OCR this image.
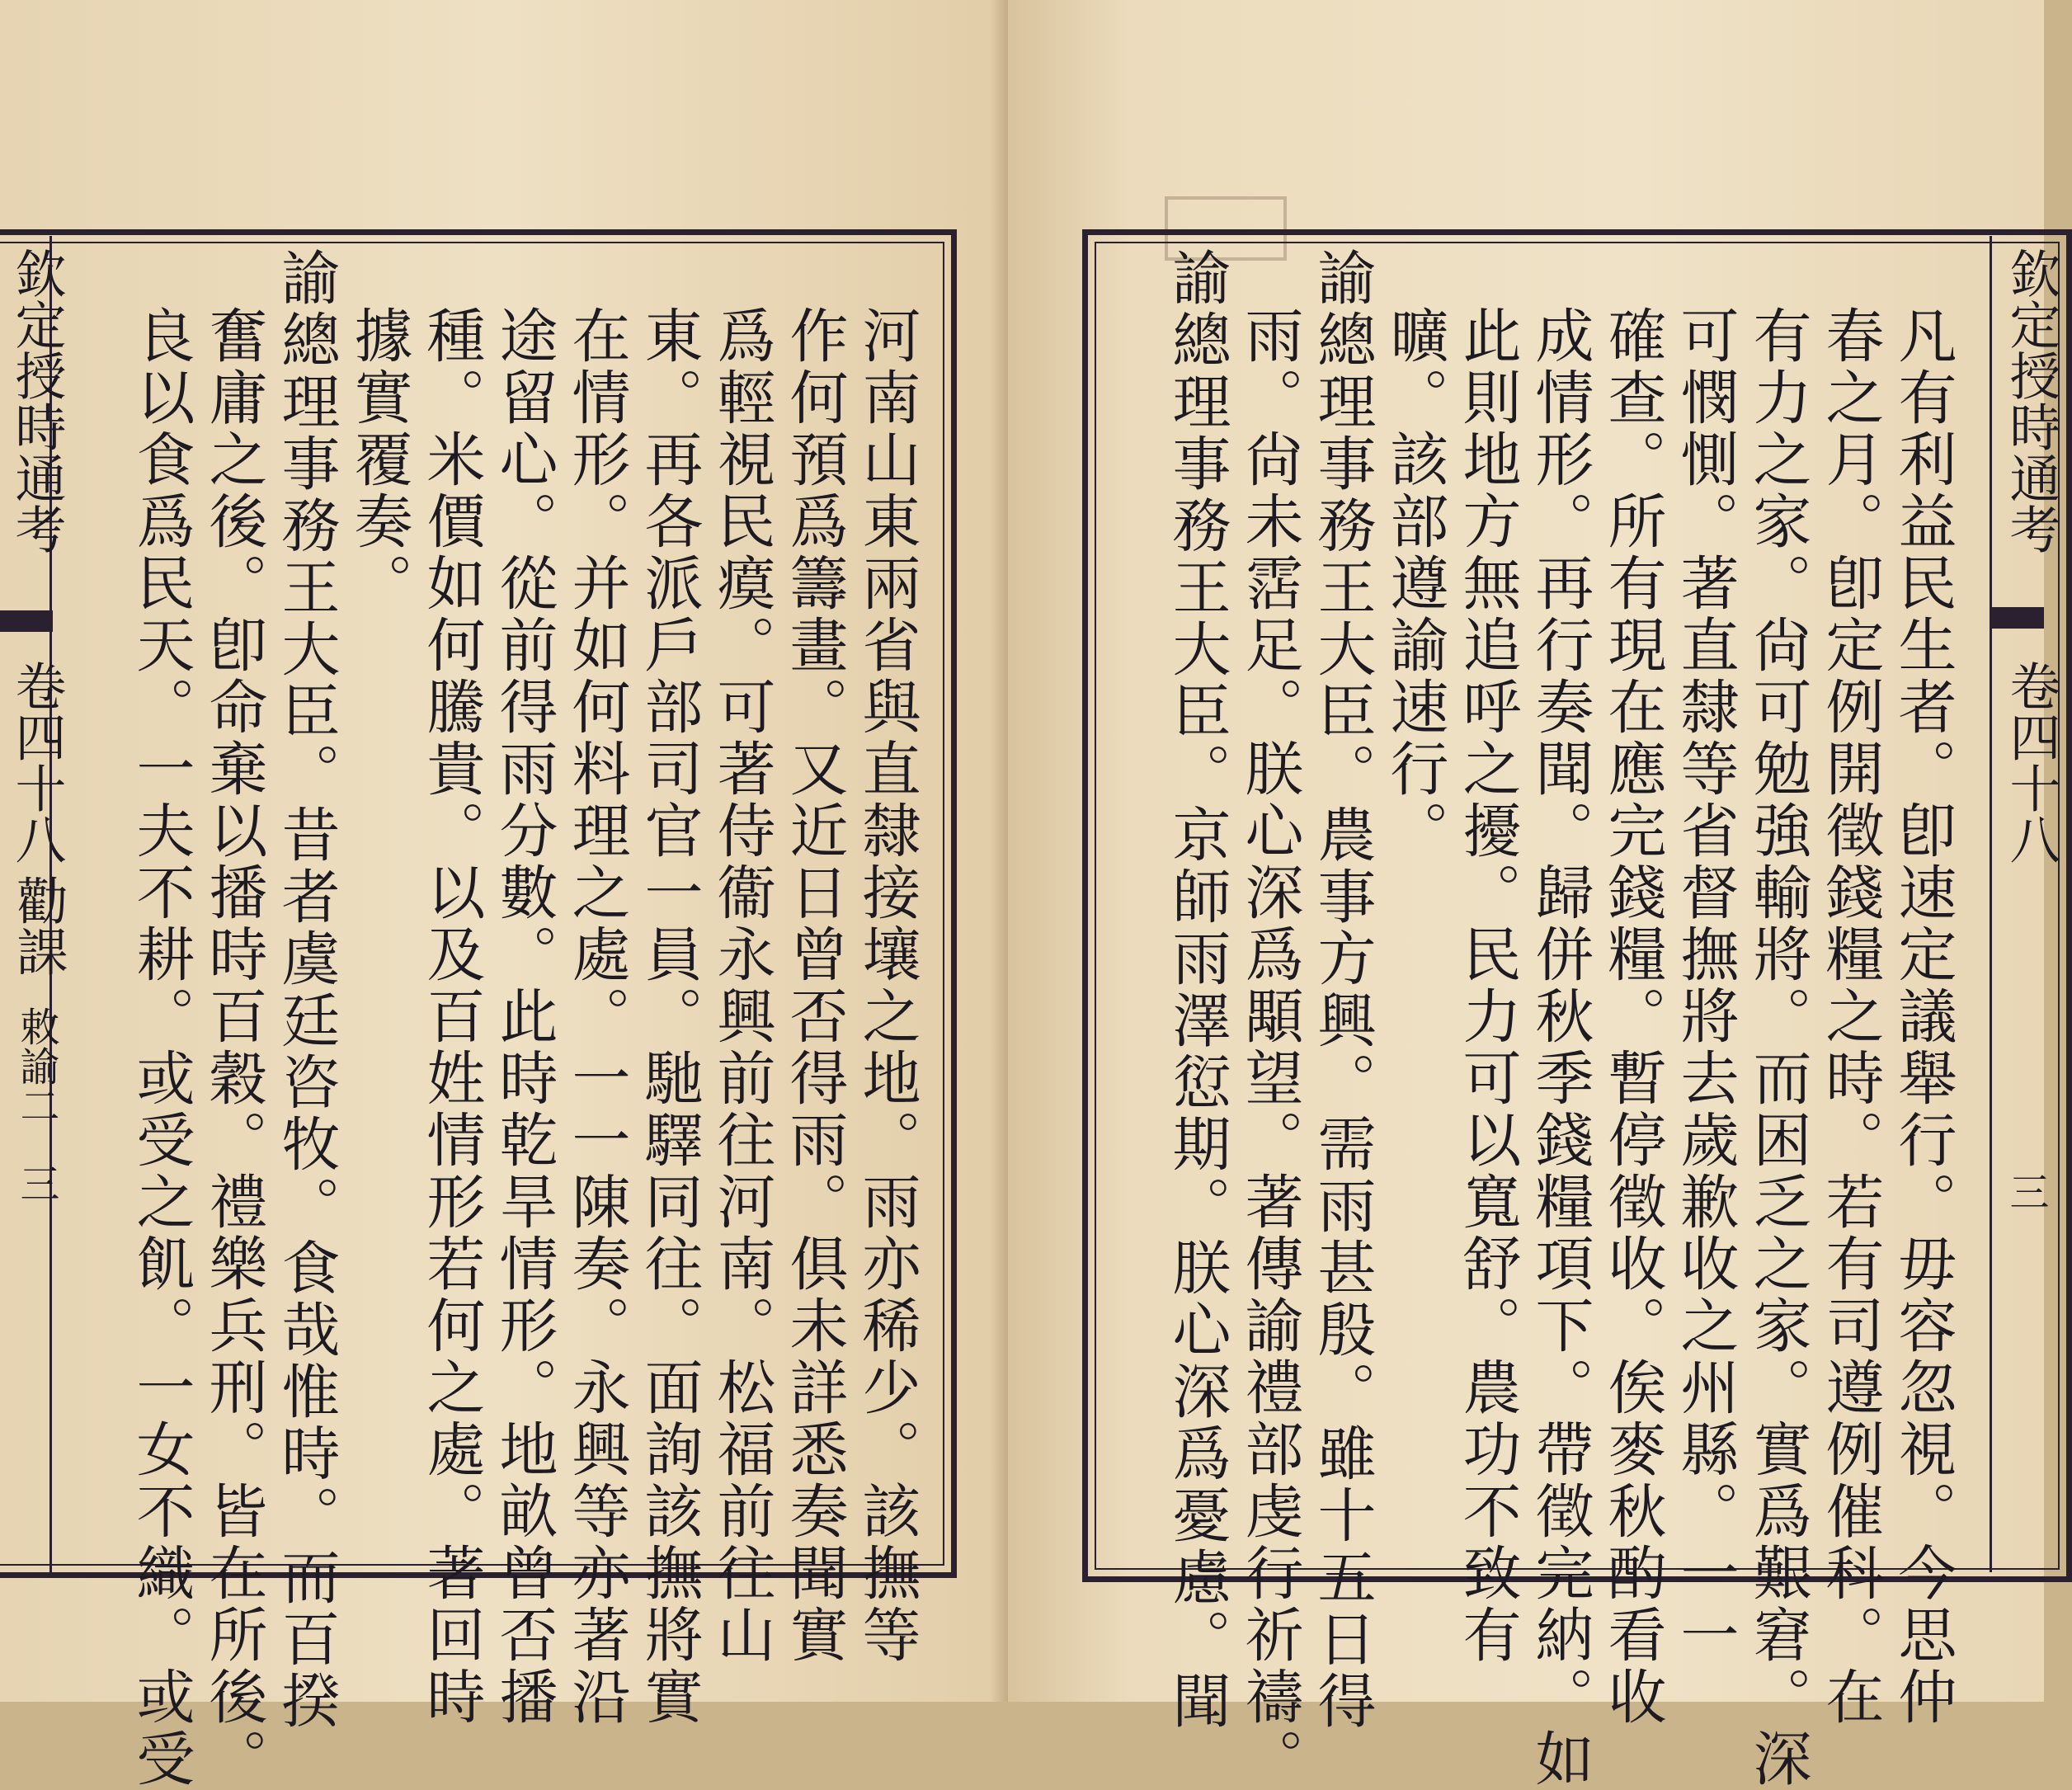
欽定授時通考
卷四十八
勸課
敕諭二
三	河南山東兩省與直隸接壤之地。雨亦稀少。該撫等
作何預爲籌畫。又近日曾否得雨。俱未詳悉奏聞實
爲輕視民瘼。可著侍衞永興前往河南。松福前往山
東。再各派戶部司官一員。馳驛同往。面詢該撫將實
在情形。并如何料理之處。一一陳奏。永興等亦著沿
途留心。從前得雨分數。此時乾旱情形。地畝曾否播
種。米價如何騰貴。以及百姓情形若何之處。著回時
據實覆奏。
諭總理事務王大臣。昔者虞廷咨牧。食哉惟時。而百揆
奮庸之後。卽命棄以播時百穀。禮樂兵刑。皆在所後。
良以食爲民天。一夫不耕。或受之飢。一女不織。或受	欽定授時通考
卷四十八
三
凡有利益民生者。卽速定議舉行。毋容忽視。今思仲
春之月。卽定例開徵錢糧之時。若有司遵例催科。在
有力之家。尙可勉強輸將。而困乏之家。實爲艱窘。深
可憫惻。著直隸等省督撫將去歲歉收之州縣。一一
確查。所有現在應完錢糧。暫停徵收。俟麥秋酌看收
成情形。再行奏聞。歸併秋季錢糧項下。帶徵完納。如
此則地方無追呼之擾。民力可以寬舒。農功不致有
曠。該部遵諭速行。
諭總理事務王大臣。農事方興。需雨甚殷。雖十五日得
雨。尙未霑足。朕心深爲顒望。著傳諭禮部虔行祈禱。
諭總理事務王大臣。京師雨澤愆期。朕心深爲憂慮。聞
